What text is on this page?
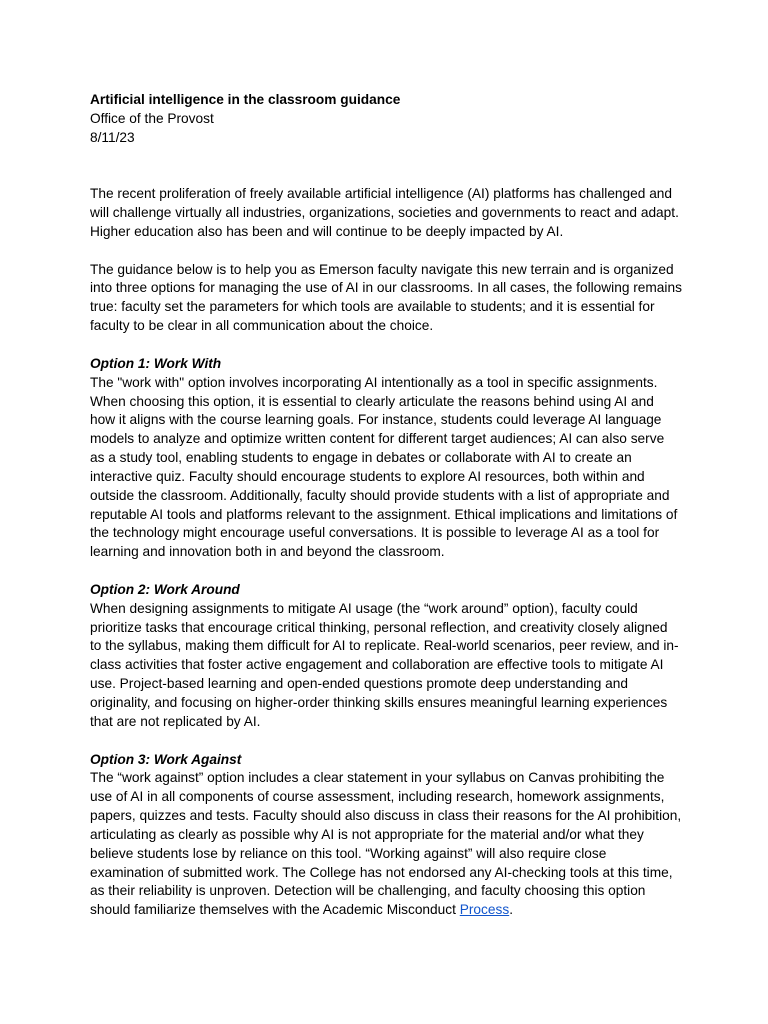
Artificial intelligence in the classroom guidance
Office of the Provost
8/11/23

The recent proliferation of freely available artificial intelligence (AI) platforms has challenged and will challenge virtually all industries, organizations, societies and governments to react and adapt. Higher education also has been and will continue to be deeply impacted by AI.

The guidance below is to help you as Emerson faculty navigate this new terrain and is organized into three options for managing the use of AI in our classrooms. In all cases, the following remains true: faculty set the parameters for which tools are available to students; and it is essential for faculty to be clear in all communication about the choice.

Option 1: Work With

The "work with" option involves incorporating AI intentionally as a tool in specific assignments. When choosing this option, it is essential to clearly articulate the reasons behind using AI and how it aligns with the course learning goals. For instance, students could leverage AI language models to analyze and optimize written content for different target audiences; AI can also serve as a study tool, enabling students to engage in debates or collaborate with AI to create an interactive quiz. Faculty should encourage students to explore AI resources, both within and outside the classroom. Additionally, faculty should provide students with a list of appropriate and reputable AI tools and platforms relevant to the assignment. Ethical implications and limitations of the technology might encourage useful conversations. It is possible to leverage AI as a tool for learning and innovation both in and beyond the classroom.

Option 2: Work Around

When designing assignments to mitigate AI usage (the “work around” option), faculty could prioritize tasks that encourage critical thinking, personal reflection, and creativity closely aligned to the syllabus, making them difficult for AI to replicate. Real-world scenarios, peer review, and in-class activities that foster active engagement and collaboration are effective tools to mitigate AI use. Project-based learning and open-ended questions promote deep understanding and originality, and focusing on higher-order thinking skills ensures meaningful learning experiences that are not replicated by AI.

Option 3: Work Against

The “work against” option includes a clear statement in your syllabus on Canvas prohibiting the use of AI in all components of course assessment, including research, homework assignments, papers, quizzes and tests. Faculty should also discuss in class their reasons for the AI prohibition, articulating as clearly as possible why AI is not appropriate for the material and/or what they believe students lose by reliance on this tool. “Working against” will also require close examination of submitted work. The College has not endorsed any AI-checking tools at this time, as their reliability is unproven. Detection will be challenging, and faculty choosing this option should familiarize themselves with the Academic Misconduct Process.
